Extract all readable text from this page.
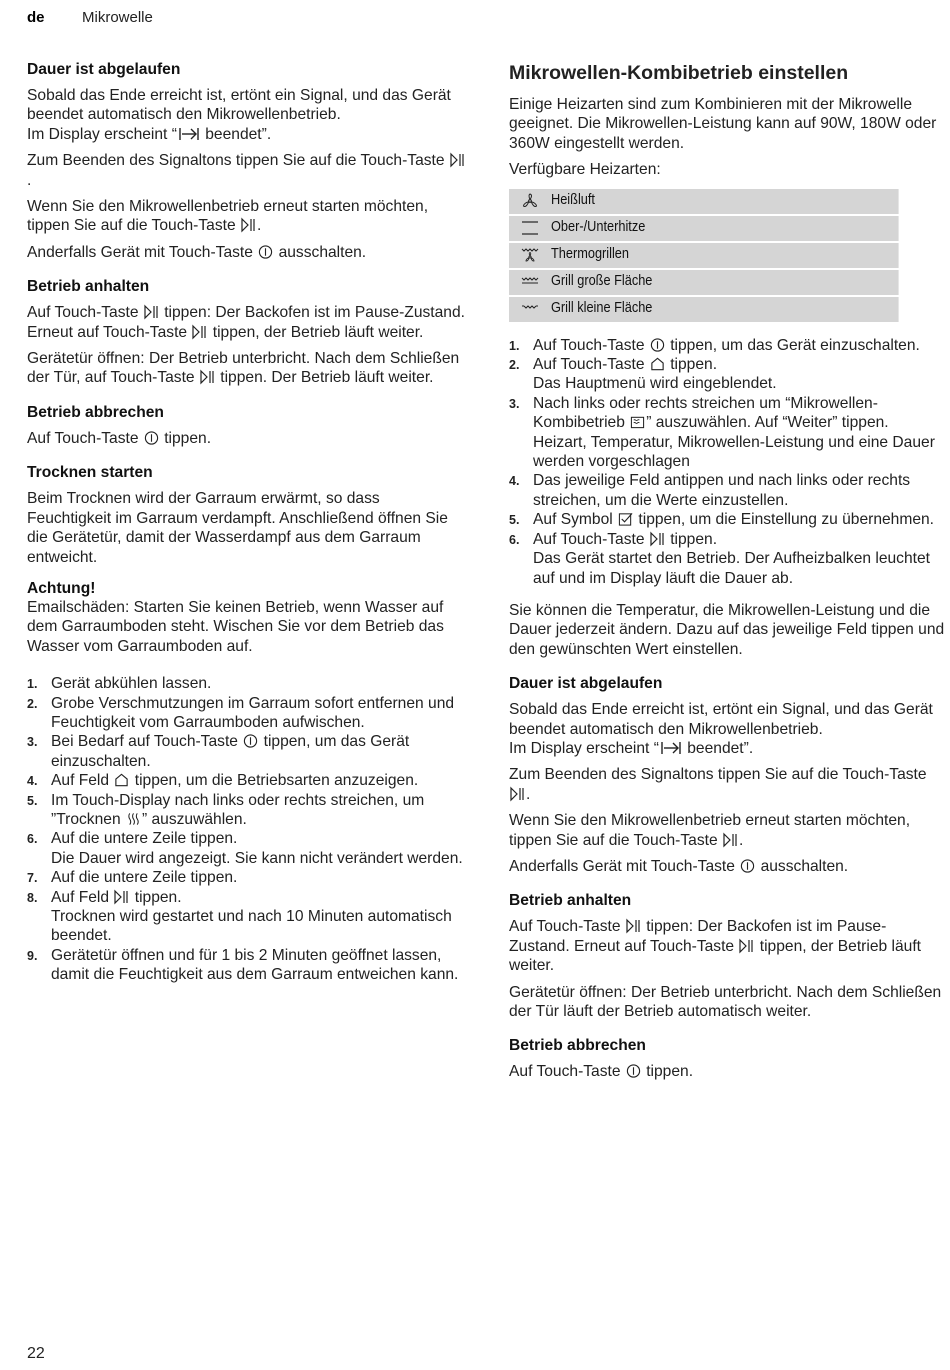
de Mikrowelle
Dauer ist abgelaufen

Sobald das Ende erreicht ist, ertönt ein Signal, und das Gerät beendet automatisch den Mikrowellenbetrieb.
Im Display erscheint “
beendet”.

Zum Beenden des Signaltons tippen Sie auf die Touch-Taste
.

Wenn Sie den Mikrowellenbetrieb erneut starten möchten, tippen Sie auf die Touch-Taste
.

Anderfalls Gerät mit Touch-Taste
ausschalten.

Betrieb anhalten

Auf Touch-Taste
tippen: Der Backofen ist im Pause-Zustand. Erneut auf Touch-Taste
tippen, der Betrieb läuft weiter.

Gerätetür öffnen: Der Betrieb unterbricht. Nach dem Schließen der Tür, auf Touch-Taste
tippen. Der Betrieb läuft weiter.

Betrieb abbrechen

Auf Touch-Taste
tippen.

Trocknen starten

Beim Trocknen wird der Garraum erwärmt, so dass Feuchtigkeit im Garraum verdampft. Anschließend öffnen Sie die Gerätetür, damit der Wasserdampf aus dem Garraum entweicht.

Achtung!

Emailschäden: Starten Sie keinen Betrieb, wenn Wasser auf dem Garraumboden steht. Wischen Sie vor dem Betrieb das Wasser vom Garraumboden auf.

1. Gerät abkühlen lassen.
2. Grobe Verschmutzungen im Garraum sofort entfernen und Feuchtigkeit vom Garraumboden aufwischen.
3. Bei Bedarf auf Touch-Taste
tippen, um das Gerät einzuschalten.
4. Auf Feld
tippen, um die Betriebsarten anzuzeigen.
5. Im Touch-Display nach links oder rechts streichen, um ”Trocknen
” auszuwählen.
6. Auf die untere Zeile tippen.
Die Dauer wird angezeigt. Sie kann nicht verändert werden.
7. Auf die untere Zeile tippen.
8. Auf Feld
tippen.
Trocknen wird gestartet und nach 10 Minuten automatisch beendet.
9. Gerätetür öffnen und für 1 bis 2 Minuten geöffnet lassen, damit die Feuchtigkeit aus dem Garraum entweichen kann.
Mikrowellen-Kombibetrieb einstellen

Einige Heizarten sind zum Kombinieren mit der Mikrowelle geeignet. Die Mikrowellen-Leistung kann auf 90W, 180W oder 360W eingestellt werden.

Verfügbare Heizarten:

	Heißluft
	Ober-/Unterhitze
	Thermogrillen
	Grill große Fläche
	Grill kleine Fläche
1. Auf Touch-Taste
tippen, um das Gerät einzuschalten.
2. Auf Touch-Taste
tippen.
Das Hauptmenü wird eingeblendet.
3. Nach links oder rechts streichen um “Mikrowellen-Kombibetrieb
” auszuwählen. Auf “Weiter” tippen.
Heizart, Temperatur, Mikrowellen-Leistung und eine Dauer werden vorgeschlagen
4. Das jeweilige Feld antippen und nach links oder rechts streichen, um die Werte einzustellen.
5. Auf Symbol
tippen, um die Einstellung zu übernehmen.
6. Auf Touch-Taste
tippen.
Das Gerät startet den Betrieb. Der Aufheizbalken leuchtet auf und im Display läuft die Dauer ab.

Sie können die Temperatur, die Mikrowellen-Leistung und die Dauer jederzeit ändern. Dazu auf das jeweilige Feld tippen und den gewünschten Wert einstellen.

Dauer ist abgelaufen

Sobald das Ende erreicht ist, ertönt ein Signal, und das Gerät beendet automatisch den Mikrowellenbetrieb.
Im Display erscheint “
beendet”.

Zum Beenden des Signaltons tippen Sie auf die Touch-Taste
.

Wenn Sie den Mikrowellenbetrieb erneut starten möchten, tippen Sie auf die Touch-Taste
.

Anderfalls Gerät mit Touch-Taste
ausschalten.

Betrieb anhalten

Auf Touch-Taste
tippen: Der Backofen ist im Pause-Zustand. Erneut auf Touch-Taste
tippen, der Betrieb läuft weiter.

Gerätetür öffnen: Der Betrieb unterbricht. Nach dem Schließen der Tür läuft der Betrieb automatisch weiter.

Betrieb abbrechen

Auf Touch-Taste
tippen.

22
